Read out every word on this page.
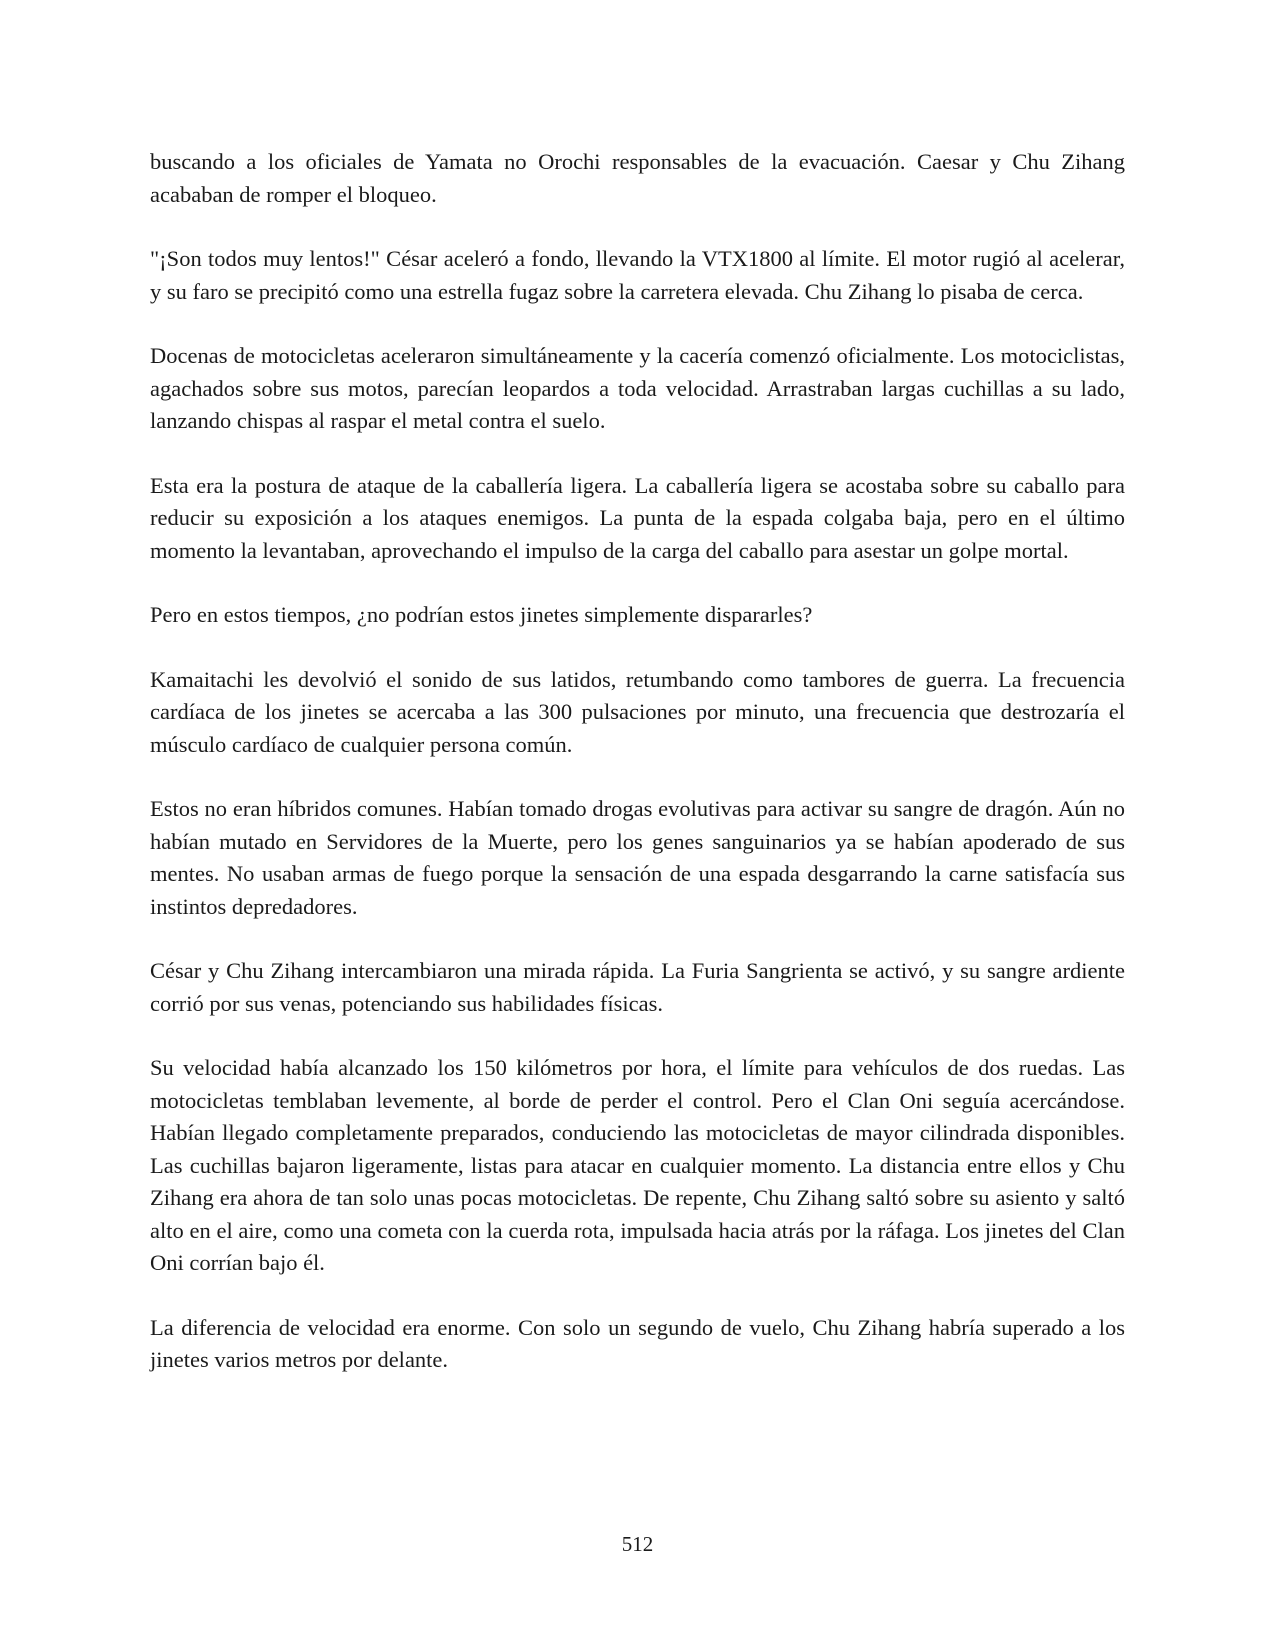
buscando a los oficiales de Yamata no Orochi responsables de la evacuación. Caesar y Chu Zihang acababan de romper el bloqueo.

"¡Son todos muy lentos!" César aceleró a fondo, llevando la VTX1800 al límite. El motor rugió al acelerar, y su faro se precipitó como una estrella fugaz sobre la carretera elevada. Chu Zihang lo pisaba de cerca.

Docenas de motocicletas aceleraron simultáneamente y la cacería comenzó oficialmente. Los motociclistas, agachados sobre sus motos, parecían leopardos a toda velocidad. Arrastraban largas cuchillas a su lado, lanzando chispas al raspar el metal contra el suelo.

Esta era la postura de ataque de la caballería ligera. La caballería ligera se acostaba sobre su caballo para reducir su exposición a los ataques enemigos. La punta de la espada colgaba baja, pero en el último momento la levantaban, aprovechando el impulso de la carga del caballo para asestar un golpe mortal.

Pero en estos tiempos, ¿no podrían estos jinetes simplemente dispararles?

Kamaitachi les devolvió el sonido de sus latidos, retumbando como tambores de guerra. La frecuencia cardíaca de los jinetes se acercaba a las 300 pulsaciones por minuto, una frecuencia que destrozaría el músculo cardíaco de cualquier persona común.

Estos no eran híbridos comunes. Habían tomado drogas evolutivas para activar su sangre de dragón. Aún no habían mutado en Servidores de la Muerte, pero los genes sanguinarios ya se habían apoderado de sus mentes. No usaban armas de fuego porque la sensación de una espada desgarrando la carne satisfacía sus instintos depredadores.

César y Chu Zihang intercambiaron una mirada rápida. La Furia Sangrienta se activó, y su sangre ardiente corrió por sus venas, potenciando sus habilidades físicas.

Su velocidad había alcanzado los 150 kilómetros por hora, el límite para vehículos de dos ruedas. Las motocicletas temblaban levemente, al borde de perder el control. Pero el Clan Oni seguía acercándose. Habían llegado completamente preparados, conduciendo las motocicletas de mayor cilindrada disponibles. Las cuchillas bajaron ligeramente, listas para atacar en cualquier momento. La distancia entre ellos y Chu Zihang era ahora de tan solo unas pocas motocicletas. De repente, Chu Zihang saltó sobre su asiento y saltó alto en el aire, como una cometa con la cuerda rota, impulsada hacia atrás por la ráfaga. Los jinetes del Clan Oni corrían bajo él.

La diferencia de velocidad era enorme. Con solo un segundo de vuelo, Chu Zihang habría superado a los jinetes varios metros por delante.

512
